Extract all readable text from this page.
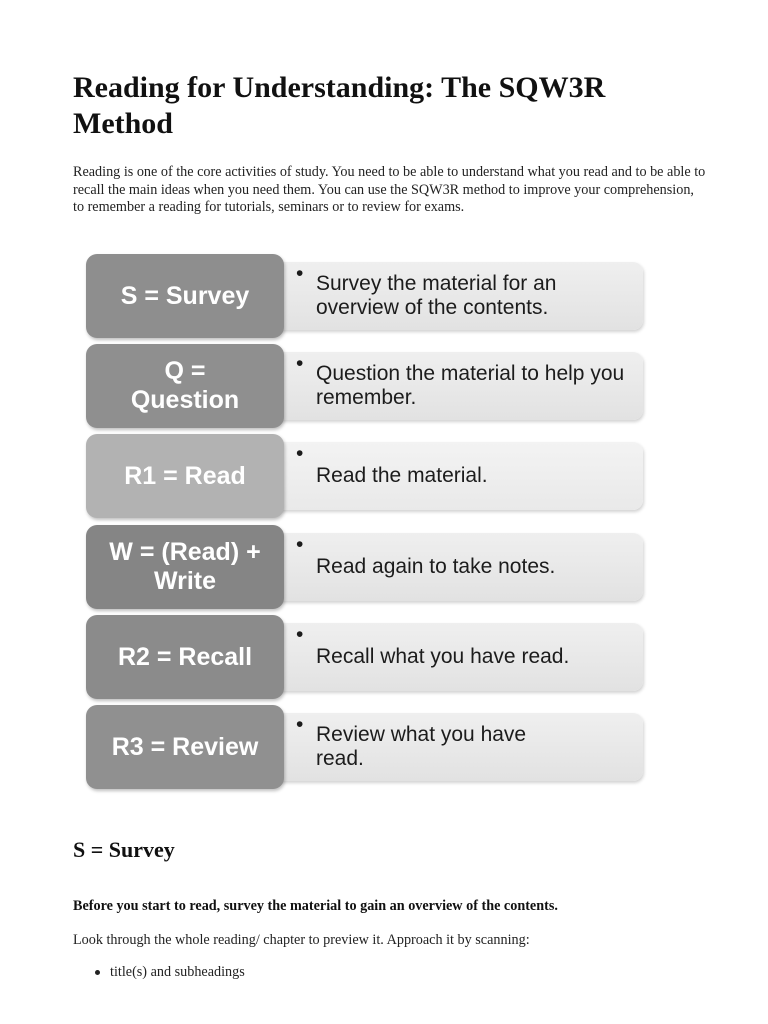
Reading for Understanding: The SQW3R Method

Reading is one of the core activities of study. You need to be able to understand what you read and to be able to recall the main ideas when you need them. You can use the SQW3R method to improve your comprehension, to remember a reading for tutorials, seminars or to review for exams.

• Survey the material for an overview of the contents.
S = Survey
• Question the material to help you remember.
Q = Question
•
Read the material.
R1 = Read
•
Read again to take notes.
W = (Read) + Write
•
Recall what you have read.
R2 = Recall
• Review what you have read.
R3 = Review
S = Survey

Before you start to read, survey the material to gain an overview of the contents.

Look through the whole reading/ chapter to preview it. Approach it by scanning:

title(s) and subheadings
